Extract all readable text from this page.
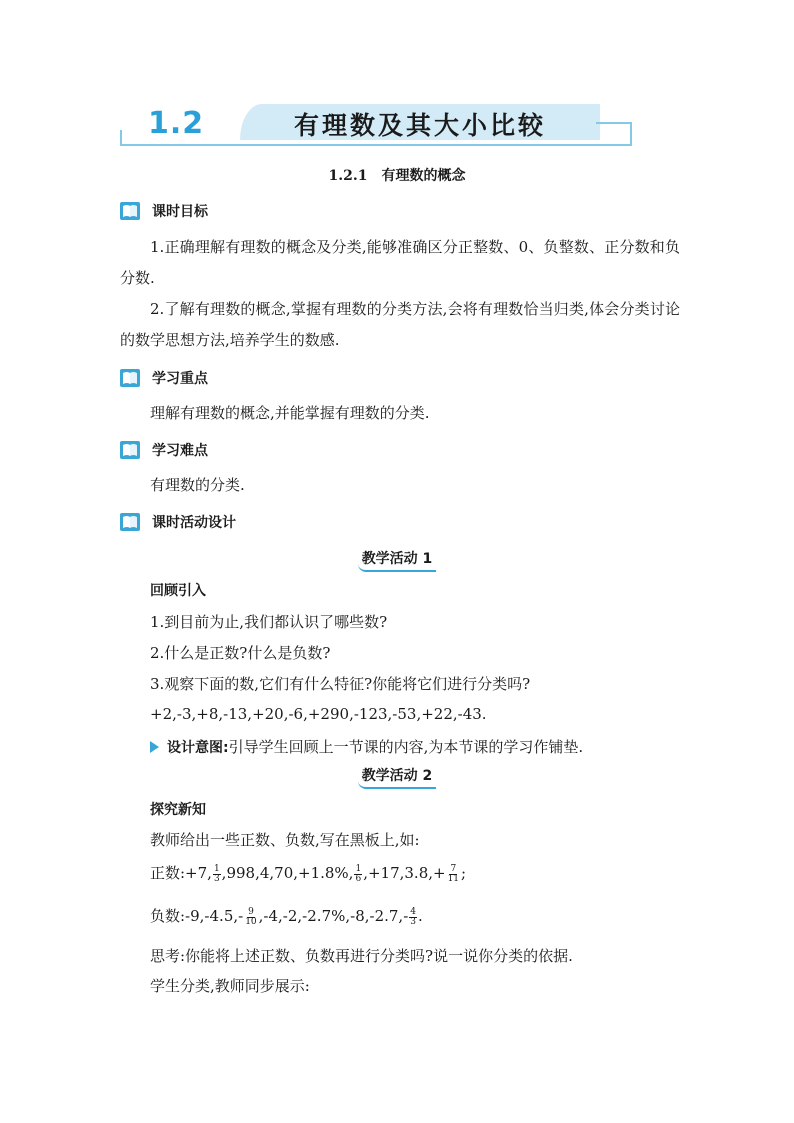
1.2	有理数及其大小比较
1.2.1　有理数的概念
课时目标
1.正确理解有理数的概念及分类,能够准确区分正整数、0、负整数、正分数和负分数.
2.了解有理数的概念,掌握有理数的分类方法,会将有理数恰当归类,体会分类讨论的数学思想方法,培养学生的数感.
学习重点
理解有理数的概念,并能掌握有理数的分类.
学习难点
有理数的分类.
课时活动设计
教学活动 1
回顾引入
1.到目前为止,我们都认识了哪些数?
2.什么是正数?什么是负数?
3.观察下面的数,它们有什么特征?你能将它们进行分类吗?
+2,-3,+8,-13,+20,-6,+290,-123,-53,+22,-43.
设计意图:引导学生回顾上一节课的内容,为本节课的学习作铺垫.
教学活动 2
探究新知
教师给出一些正数、负数,写在黑板上,如:
正数:+7, $\frac{1}{3} ,998,4,70,+1.8\%$, $\frac{1}{6} ,+17,3.8,+ \frac{7}{11}$ ;
负数:-9,-4.5,- $\frac{9}{10} ,-4,-2,-2.7\%,-8,-2.7,- \frac{4}{3}$ .
思考:你能将上述正数、负数再进行分类吗?说一说你分类的依据.
学生分类,教师同步展示:
